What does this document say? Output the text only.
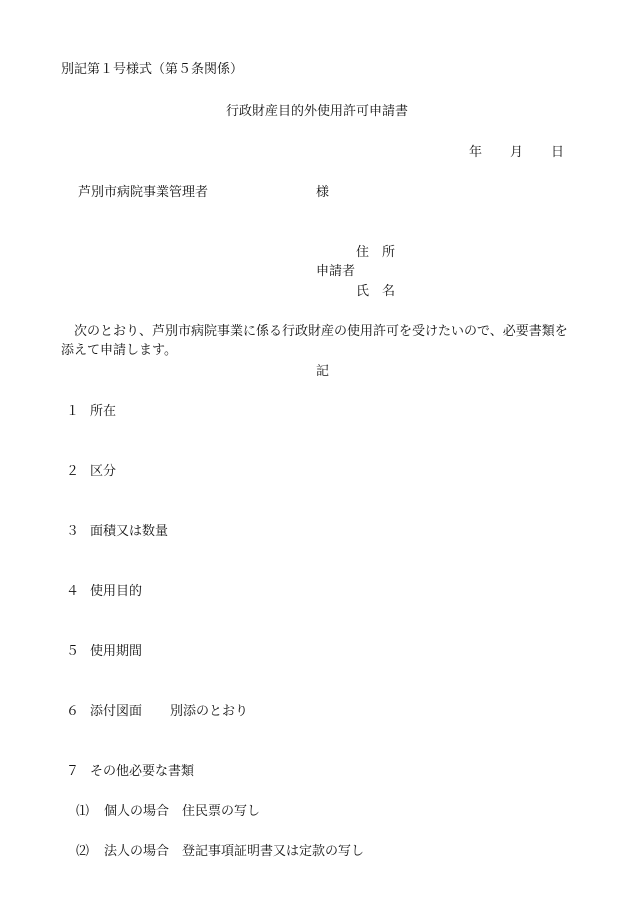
別記第１号様式（第５条関係）
行政財産目的外使用許可申請書
年 月 日
芦別市病院事業管理者	様
住　所
申請者
氏　名
　次のとおり、芦別市病院事業に係る行政財産の使用許可を受けたいので、必要書類を
添えて申請します。
記
１ 所在
２ 区分
３ 面積又は数量
４ 使用目的
５ 使用期間
６ 添付図面 別添のとおり
７ その他必要な書類
⑴ 個人の場合 住民票の写し
⑵ 法人の場合 登記事項証明書又は定款の写し
